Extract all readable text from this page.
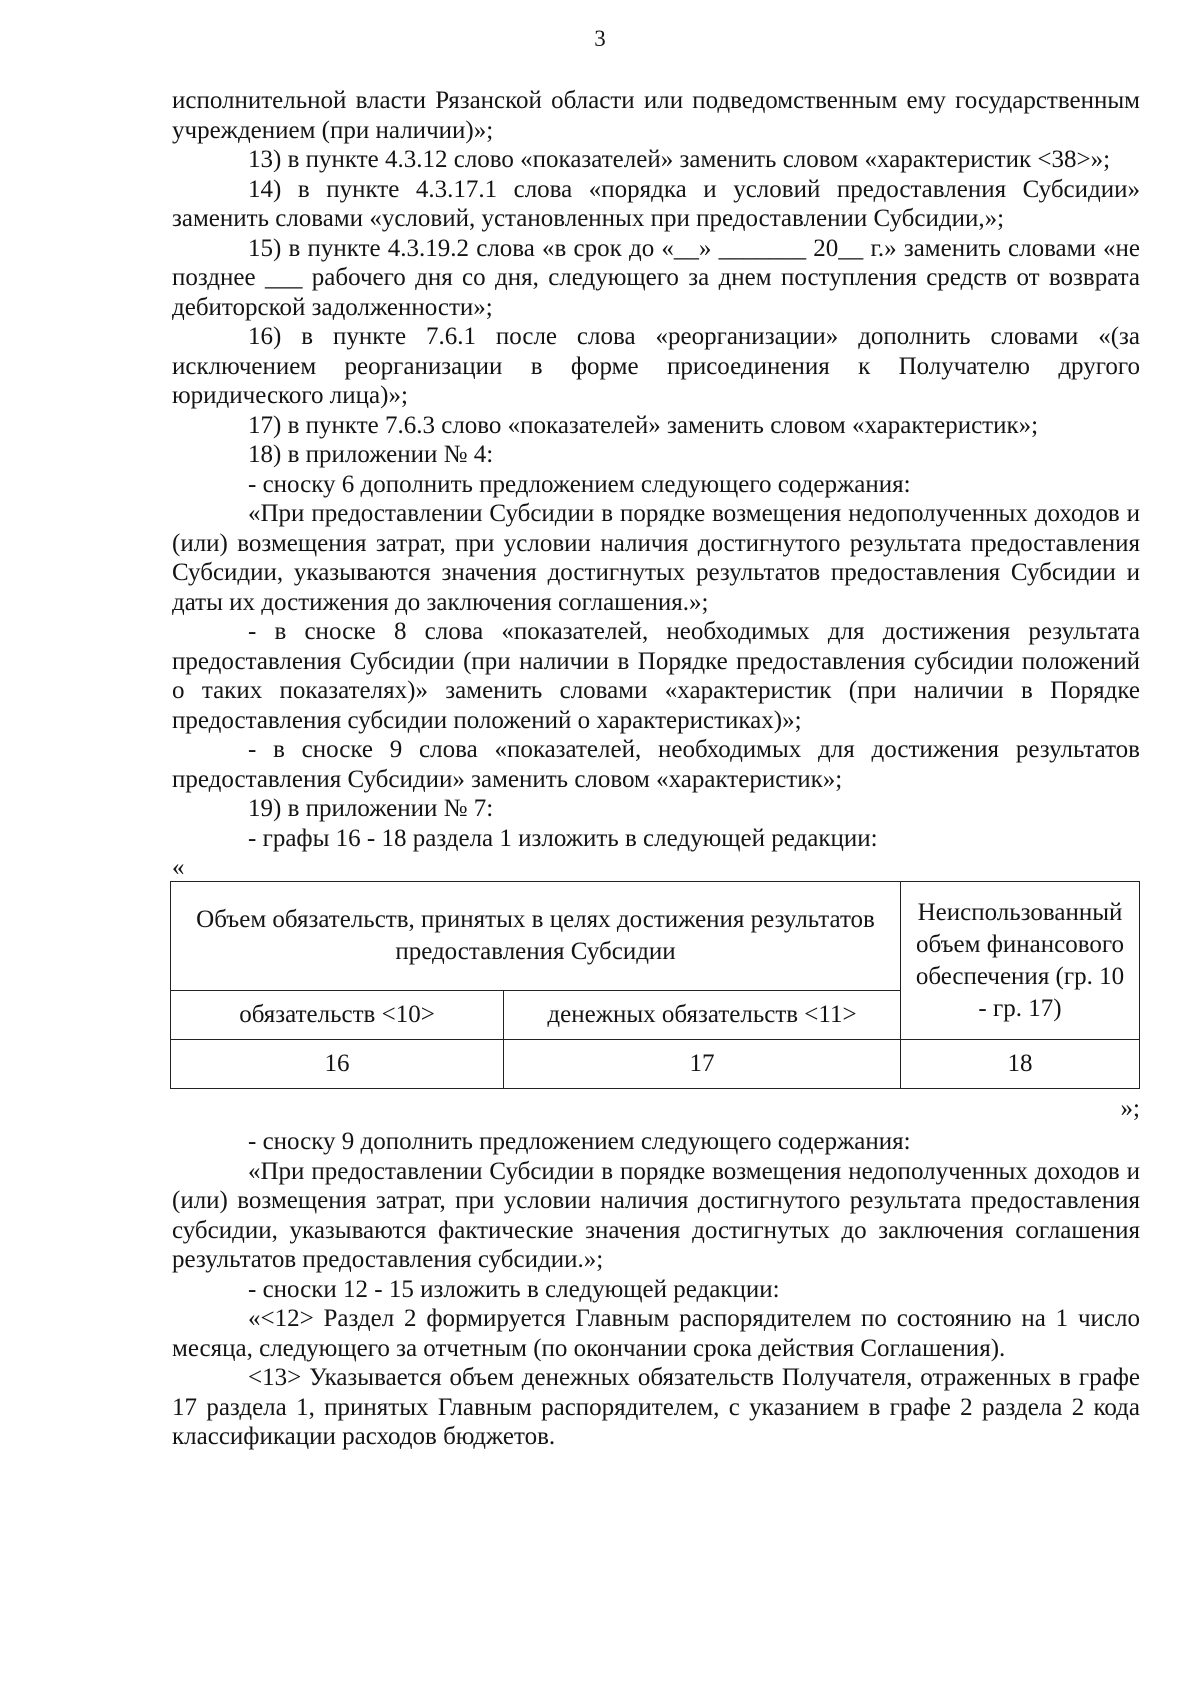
3

исполнительной власти Рязанской области или подведомственным ему государственным учреждением (при наличии)»;

13) в пункте 4.3.12 слово «показателей» заменить словом «характеристик <38>»;

14) в пункте 4.3.17.1 слова «порядка и условий предоставления Субсидии» заменить словами «условий, установленных при предоставлении Субсидии,»;

15) в пункте 4.3.19.2 слова «в срок до «__» _______ 20__ г.» заменить словами «не позднее ___ рабочего дня со дня, следующего за днем поступления средств от возврата дебиторской задолженности»;

16) в пункте 7.6.1 после слова «реорганизации» дополнить словами «(за исключением реорганизации в форме присоединения к Получателю другого юридического лица)»;

17) в пункте 7.6.3 слово «показателей» заменить словом «характеристик»;

18) в приложении № 4:

- сноску 6 дополнить предложением следующего содержания:

«При предоставлении Субсидии в порядке возмещения недополученных доходов и (или) возмещения затрат, при условии наличия достигнутого результата предоставления Субсидии, указываются значения достигнутых результатов предоставления Субсидии и даты их достижения до заключения соглашения.»;

- в сноске 8 слова «показателей, необходимых для достижения результата предоставления Субсидии (при наличии в Порядке предоставления субсидии положений о таких показателях)» заменить словами «характеристик (при наличии в Порядке предоставления субсидии положений о характеристиках)»;

- в сноске 9 слова «показателей, необходимых для достижения результатов предоставления Субсидии» заменить словом «характеристик»;

19) в приложении № 7:

- графы 16 - 18 раздела 1 изложить в следующей редакции:

«
Объем обязательств, принятых в целях достижения результатов предоставления Субсидии		Неиспользованный объем финансового обеспечения (гр. 10 - гр. 17)
обязательств <10>	денежных обязательств <11>	
16	17	18
»;

- сноску 9 дополнить предложением следующего содержания:

«При предоставлении Субсидии в порядке возмещения недополученных доходов и (или) возмещения затрат, при условии наличия достигнутого результата предоставления субсидии, указываются фактические значения достигнутых до заключения соглашения результатов предоставления субсидии.»;

- сноски 12 - 15 изложить в следующей редакции:

«<12> Раздел 2 формируется Главным распорядителем по состоянию на 1 число месяца, следующего за отчетным (по окончании срока действия Соглашения).

<13> Указывается объем денежных обязательств Получателя, отраженных в графе 17 раздела 1, принятых Главным распорядителем, с указанием в графе 2 раздела 2 кода классификации расходов бюджетов.
